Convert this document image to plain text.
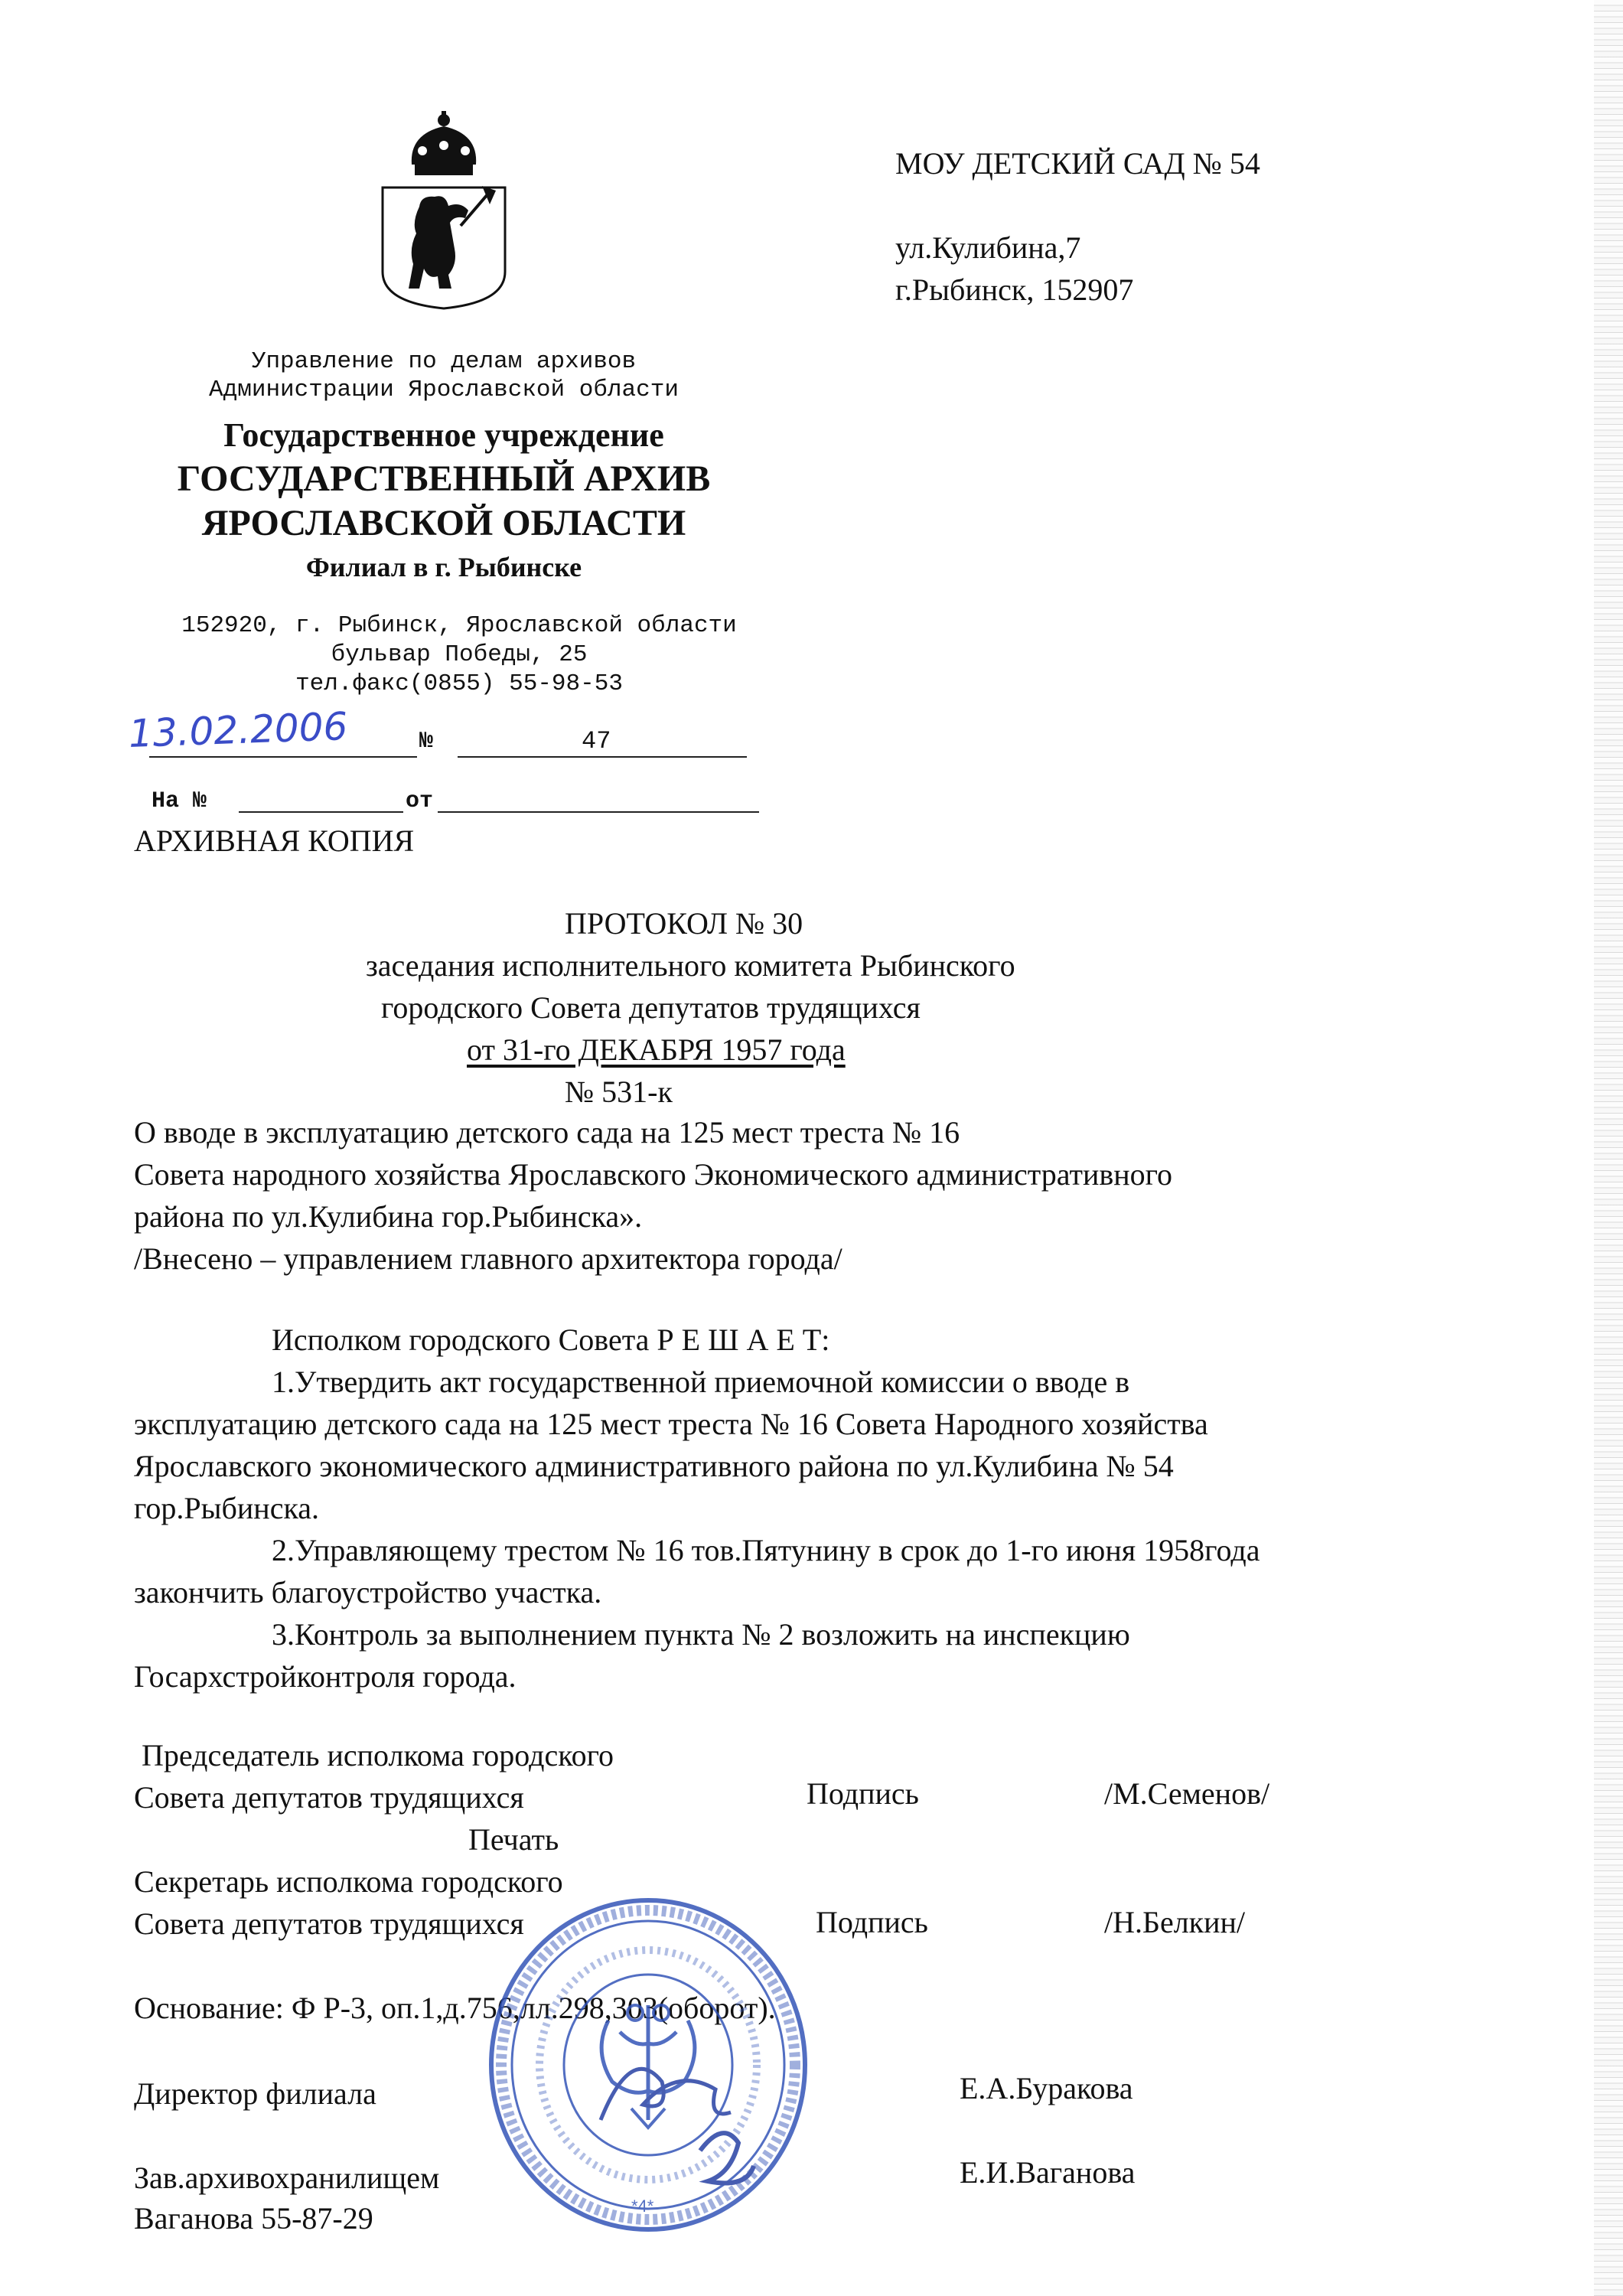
Управление по делам архивов
Администрации Ярославской области
Государственное учреждение
ГОСУДАРСТВЕННЫЙ АРХИВ
ЯРОСЛАВСКОЙ ОБЛАСТИ
Филиал в г. Рыбинске
152920, г. Рыбинск, Ярославской области
бульвар Победы, 25
тел.факс(0855) 55-98-53
13.02.2006	№	47
На №	от
МОУ ДЕТСКИЙ САД № 54
ул.Кулибина,7
г.Рыбинск, 152907
АРХИВНАЯ КОПИЯ
ПРОТОКОЛ № 30
заседания исполнительного комитета Рыбинского
городского Совета депутатов трудящихся
от 31-го ДЕКАБРЯ 1957 года
№ 531-к
О вводе в эксплуатацию детского сада на 125 мест треста № 16
Совета народного хозяйства Ярославского Экономического административного
района по ул.Кулибина гор.Рыбинска».
/Внесено – управлением главного архитектора города/
Исполком городского Совета Р Е Ш А Е Т:
1.Утвердить акт государственной приемочной комиссии о вводе в
эксплуатацию детского сада на 125 мест треста № 16 Совета Народного хозяйства
Ярославского экономического административного района по ул.Кулибина № 54
гор.Рыбинска.
2.Управляющему трестом № 16 тов.Пятунину в срок до 1-го июня 1958года
закончить благоустройство участка.
3.Контроль за выполнением пункта № 2 возложить на инспекцию
Госархстройконтроля города.
Председатель исполкома городского
Совета депутатов трудящихся	Подпись	/М.Семенов/
Печать
Секретарь исполкома городского
Совета депутатов трудящихся	Подпись	/Н.Белкин/
Основание: Ф Р-3, оп.1,д.756,лл.298,303(оборот).
Директор филиала	Е.А.Буракова
Зав.архивохранилищем	Е.И.Ваганова
Ваганова 55-87-29	*4*
